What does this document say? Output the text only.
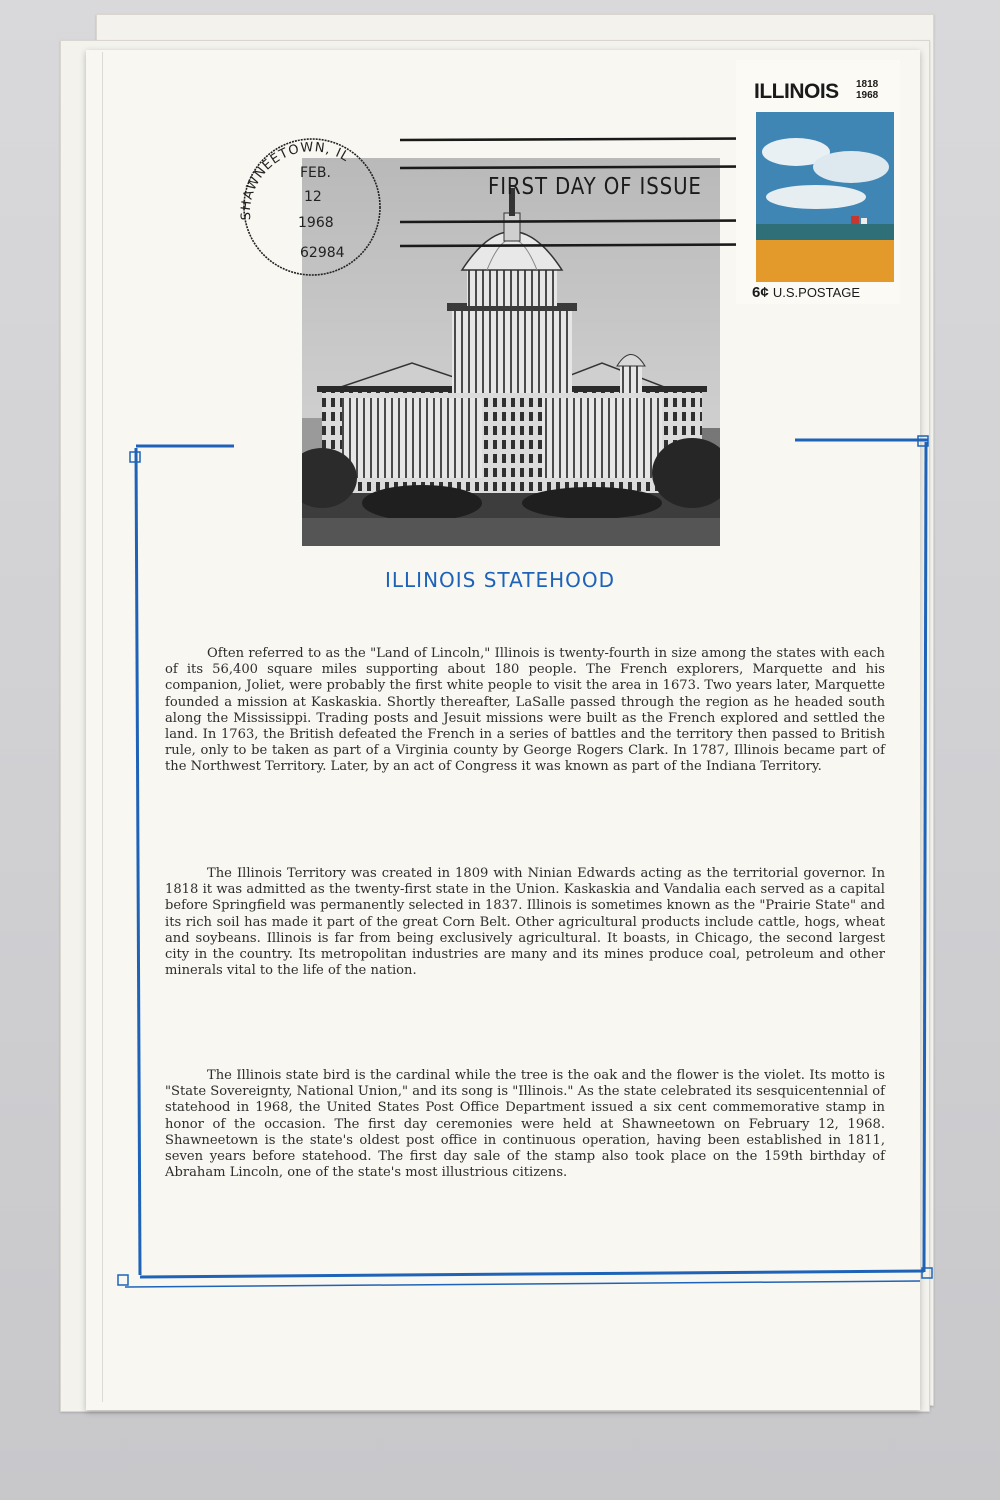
SHAWNEETOWN, IL
FEB.
12
1968
62984
ILLINOIS 1818
1968
6¢ U.S.POSTAGE
FIRST DAY OF ISSUE
ILLINOIS STATEHOOD

Often referred to as the "Land of Lincoln," Illinois is twenty-fourth in size among the states with each of its 56,400 square miles supporting about 180 people. The French explorers, Marquette and his companion, Joliet, were probably the first white people to visit the area in 1673. Two years later, Marquette founded a mission at Kaskaskia. Shortly thereafter, LaSalle passed through the region as he headed south along the Mississippi. Trading posts and Jesuit missions were built as the French explored and settled the land. In 1763, the British defeated the French in a series of battles and the territory then passed to British rule, only to be taken as part of a Virginia county by George Rogers Clark. In 1787, Illinois became part of the Northwest Territory. Later, by an act of Congress it was known as part of the Indiana Territory.

The Illinois Territory was created in 1809 with Ninian Edwards acting as the territorial governor. In 1818 it was admitted as the twenty-first state in the Union. Kaskaskia and Vandalia each served as a capital before Springfield was permanently selected in 1837. Illinois is sometimes known as the "Prairie State" and its rich soil has made it part of the great Corn Belt. Other agricultural products include cattle, hogs, wheat and soybeans. Illinois is far from being exclusively agricultural. It boasts, in Chicago, the second largest city in the country. Its metropolitan industries are many and its mines produce coal, petroleum and other minerals vital to the life of the nation.

The Illinois state bird is the cardinal while the tree is the oak and the flower is the violet. Its motto is "State Sovereignty, National Union," and its song is "Illinois." As the state celebrated its sesquicentennial of statehood in 1968, the United States Post Office Department issued a six cent commemorative stamp in honor of the occasion. The first day ceremonies were held at Shawneetown on February 12, 1968. Shawneetown is the state's oldest post office in continuous operation, having been established in 1811, seven years before statehood. The first day sale of the stamp also took place on the 159th birthday of Abraham Lincoln, one of the state's most illustrious citizens.
